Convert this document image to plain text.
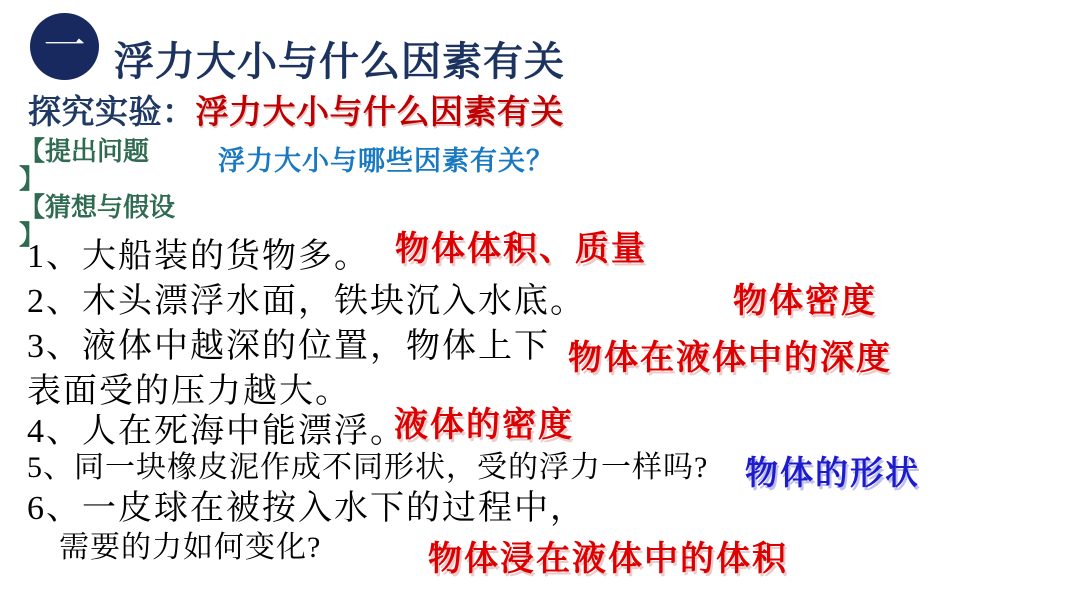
一 浮力大小与什么因素有关
探究实验：浮力大小与什么因素有关
【提出问题
】
【猜想与假设
】
浮力大小与哪些因素有关？
1、大船装的货物多。
2、木头漂浮水面，铁块沉入水底。
3、液体中越深的位置，物体上下
表面受的压力越大。
4、人在死海中能漂浮。
5、同一块橡皮泥作成不同形状，受的浮力一样吗?
6、一皮球在被按入水下的过程中，
需要的力如何变化?
物体体积、质量
物体密度
物体在液体中的深度
液体的密度
物体的形状
物体浸在液体中的体积
